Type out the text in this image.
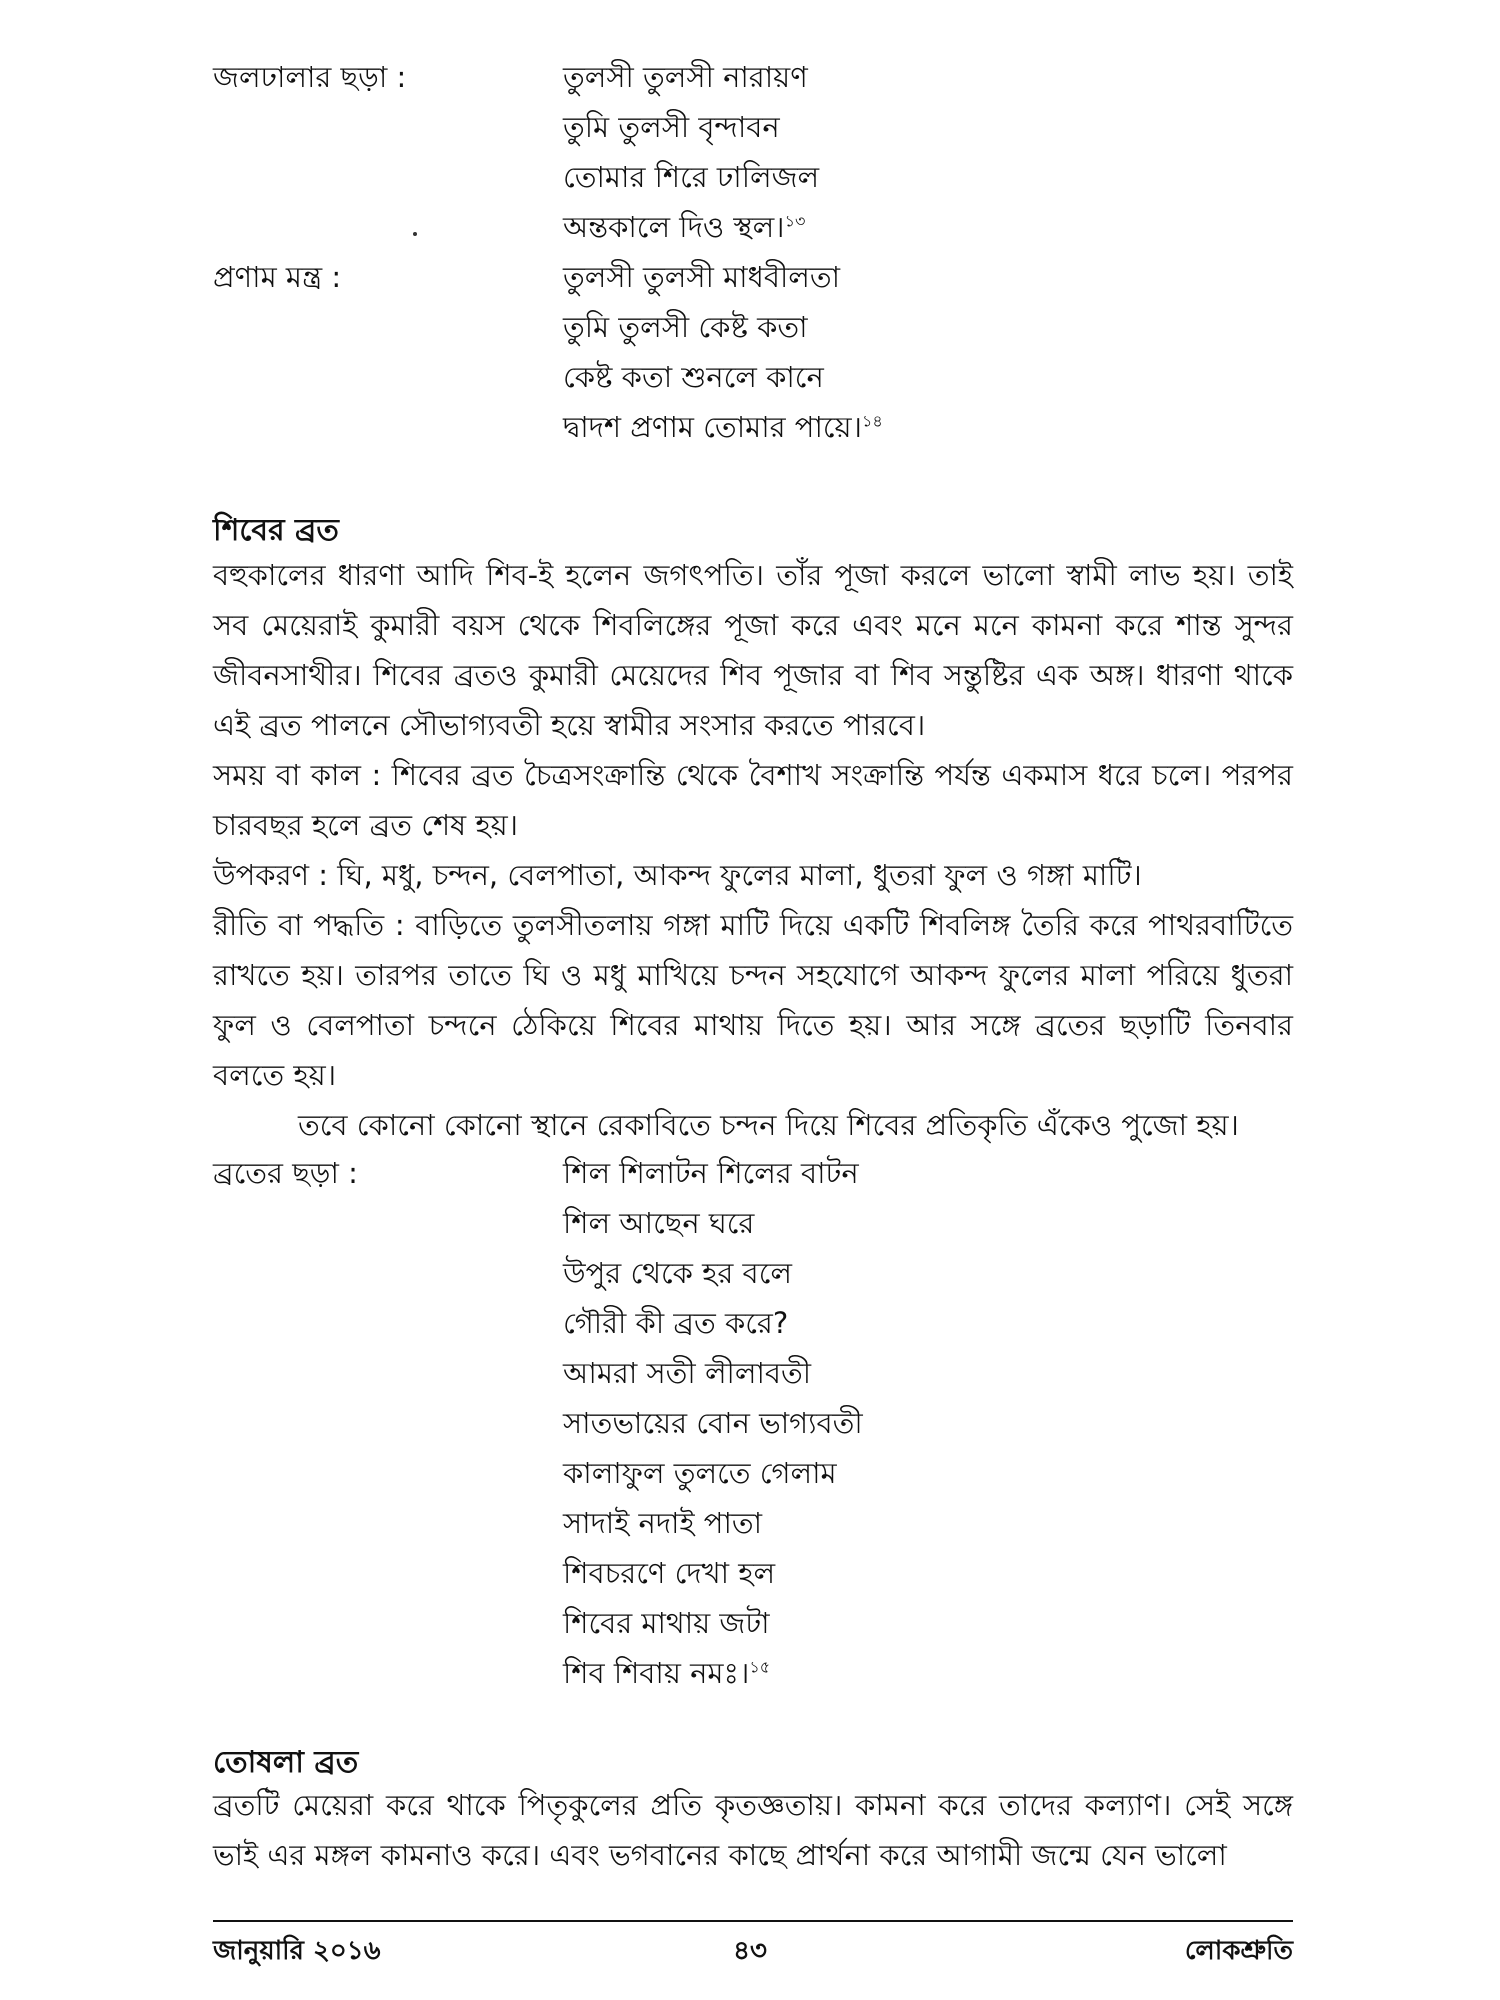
জলঢালার ছড়া :	তুলসী তুলসী নারায়ণ
তুমি তুলসী বৃন্দাবন
তোমার শিরে ঢালিজল
অন্তকালে দিও স্থল।$^{১৩}$
প্রণাম মন্ত্র :	তুলসী তুলসী মাধবীলতা
তুমি তুলসী কেষ্ট কতা
কেষ্ট কতা শুনলে কানে
দ্বাদশ প্রণাম তোমার পায়ে।$^{১৪}$
শিবের ব্রত

বহুকালের ধারণা আদি শিব-ই হলেন জগৎপতি। তাঁর পূজা করলে ভালো স্বামী লাভ হয়। তাই সব মেয়েরাই কুমারী বয়স থেকে শিবলিঙ্গের পূজা করে এবং মনে মনে কামনা করে শান্ত সুন্দর জীবনসাথীর। শিবের ব্রতও কুমারী মেয়েদের শিব পূজার বা শিব সন্তুষ্টির এক অঙ্গ। ধারণা থাকে এই ব্রত পালনে সৌভাগ্যবতী হয়ে স্বামীর সংসার করতে পারবে।

সময় বা কাল : শিবের ব্রত চৈত্রসংক্রান্তি থেকে বৈশাখ সংক্রান্তি পর্যন্ত একমাস ধরে চলে। পরপর চারবছর হলে ব্রত শেষ হয়।

উপকরণ : ঘি, মধু, চন্দন, বেলপাতা, আকন্দ ফুলের মালা, ধুতরা ফুল ও গঙ্গা মাটি।

রীতি বা পদ্ধতি : বাড়িতে তুলসীতলায় গঙ্গা মাটি দিয়ে একটি শিবলিঙ্গ তৈরি করে পাথরবাটিতে রাখতে হয়। তারপর তাতে ঘি ও মধু মাখিয়ে চন্দন সহযোগে আকন্দ ফুলের মালা পরিয়ে ধুতরা ফুল ও বেলপাতা চন্দনে ঠেকিয়ে শিবের মাথায় দিতে হয়। আর সঙ্গে ব্রতের ছড়াটি তিনবার বলতে হয়।

তবে কোনো কোনো স্থানে রেকাবিতে চন্দন দিয়ে শিবের প্রতিকৃতি এঁকেও পুজো হয়।

ব্রতের ছড়া :	শিল শিলাটন শিলের বাটন
শিল আছেন ঘরে
উপুর থেকে হর বলে
গৌরী কী ব্রত করে?
আমরা সতী লীলাবতী
সাতভায়ের বোন ভাগ্যবতী
কালাফুল তুলতে গেলাম
সাদাই নদাই পাতা
শিবচরণে দেখা হল
শিবের মাথায় জটা
শিব শিবায় নমঃ।$^{১৫}$
তোষলা ব্রত

ব্রতটি মেয়েরা করে থাকে পিতৃকুলের প্রতি কৃতজ্ঞতায়। কামনা করে তাদের কল্যাণ। সেই সঙ্গে ভাই এর মঙ্গল কামনাও করে। এবং ভগবানের কাছে প্রার্থনা করে আগামী জন্মে যেন ভালো

জানুয়ারি ২০১৬	৪৩	লোকশ্রুতি
